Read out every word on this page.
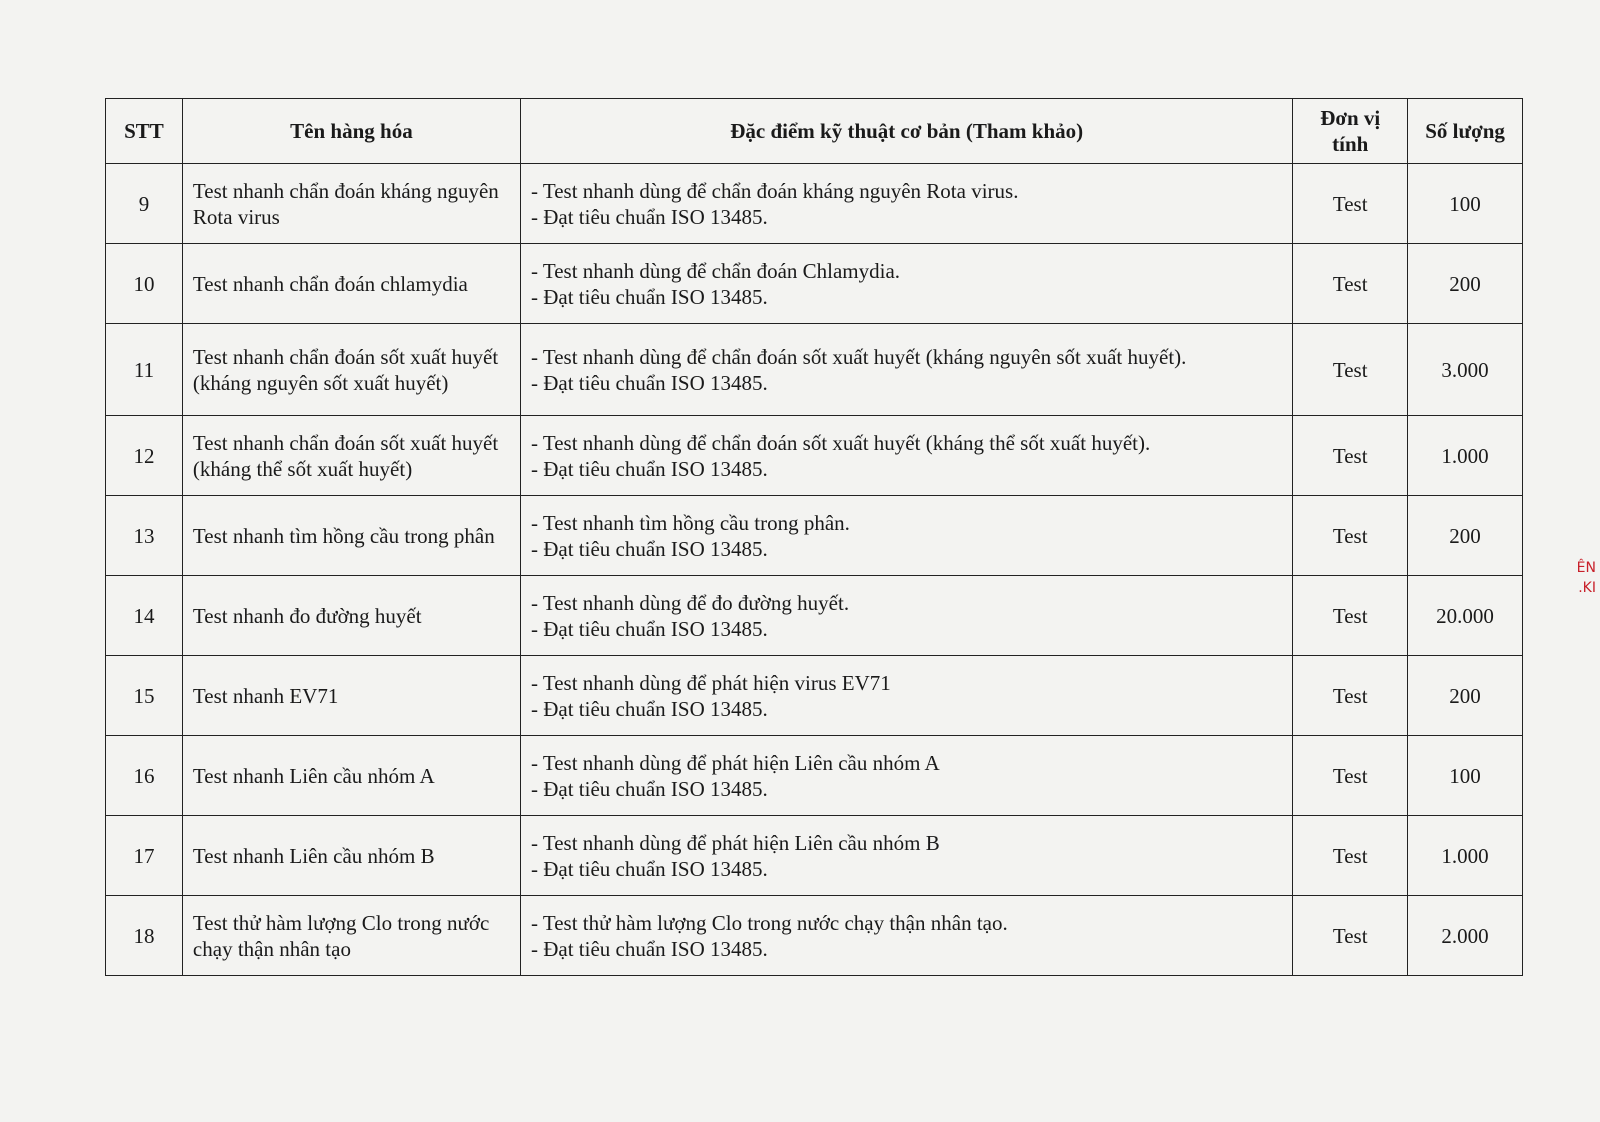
STT	Tên hàng hóa	Đặc điểm kỹ thuật cơ bản (Tham khảo)	Đơn vị tính	Số lượng
9	Test nhanh chẩn đoán kháng nguyên Rota virus	- Test nhanh dùng để chẩn đoán kháng nguyên Rota virus.
- Đạt tiêu chuẩn ISO 13485.	Test	100
10	Test nhanh chẩn đoán chlamydia	- Test nhanh dùng để chẩn đoán Chlamydia.
- Đạt tiêu chuẩn ISO 13485.	Test	200
11	Test nhanh chẩn đoán sốt xuất huyết (kháng nguyên sốt xuất huyết)	- Test nhanh dùng để chẩn đoán sốt xuất huyết (kháng nguyên sốt xuất huyết).
- Đạt tiêu chuẩn ISO 13485.	Test	3.000
12	Test nhanh chẩn đoán sốt xuất huyết (kháng thể sốt xuất huyết)	- Test nhanh dùng để chẩn đoán sốt xuất huyết (kháng thể sốt xuất huyết).
- Đạt tiêu chuẩn ISO 13485.	Test	1.000
13	Test nhanh tìm hồng cầu trong phân	- Test nhanh tìm hồng cầu trong phân.
- Đạt tiêu chuẩn ISO 13485.	Test	200
14	Test nhanh đo đường huyết	- Test nhanh dùng để đo đường huyết.
- Đạt tiêu chuẩn ISO 13485.	Test	20.000
15	Test nhanh EV71	- Test nhanh dùng để phát hiện virus EV71
- Đạt tiêu chuẩn ISO 13485.	Test	200
16	Test nhanh Liên cầu nhóm A	- Test nhanh dùng để phát hiện Liên cầu nhóm A
- Đạt tiêu chuẩn ISO 13485.	Test	100
17	Test nhanh Liên cầu nhóm B	- Test nhanh dùng để phát hiện Liên cầu nhóm B
- Đạt tiêu chuẩn ISO 13485.	Test	1.000
18	Test thử hàm lượng Clo trong nước chạy thận nhân tạo	- Test thử hàm lượng Clo trong nước chạy thận nhân tạo.
- Đạt tiêu chuẩn ISO 13485.	Test	2.000
ÊN
.KI
